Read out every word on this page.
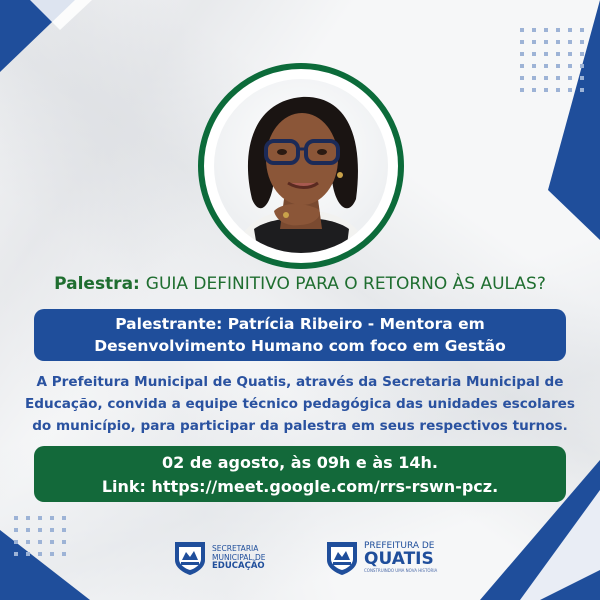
Palestra: GUIA DEFINITIVO PARA O RETORNO ÀS AULAS?
Palestrante: Patrícia Ribeiro - Mentora em
Desenvolvimento Humano com foco em Gestão
A Prefeitura Municipal de Quatis, através da Secretaria Municipal de
Educação, convida a equipe técnico pedagógica das unidades escolares
do município, para participar da palestra em seus respectivos turnos.
02 de agosto, às 09h e às 14h.
Link: https://meet.google.com/rrs-rswn-pcz.
SECRETARIA
MUNICIPAL DE
EDUCAÇÃO
PREFEITURA DE
QUATIS
CONSTRUINDO UMA NOVA HISTÓRIA
